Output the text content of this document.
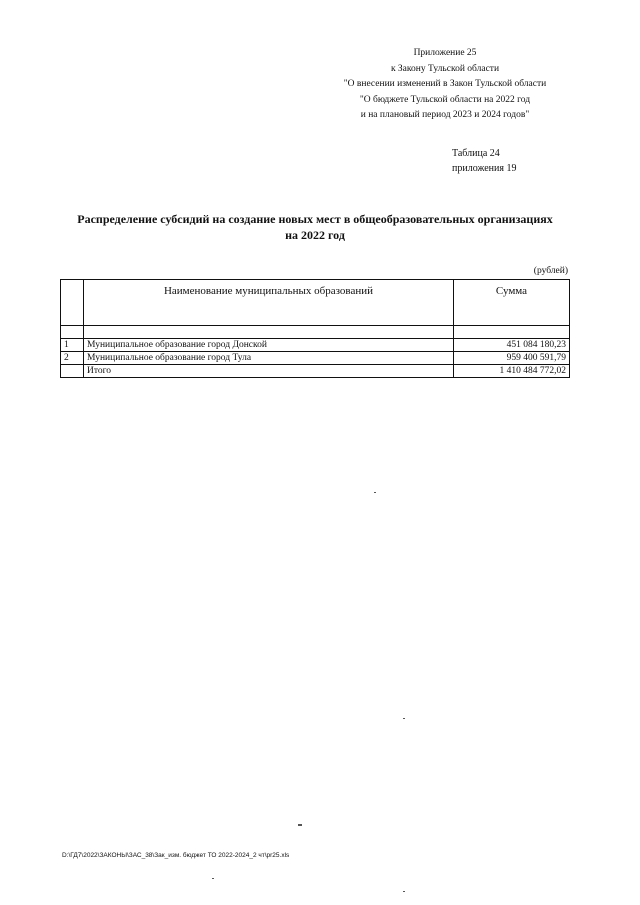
Приложение 25
к Закону Тульской области
"О внесении изменений в Закон Тульской области
"О бюджете Тульской области на 2022 год
и на плановый период 2023 и 2024 годов"
Таблица 24
приложения 19
Распределение субсидий на создание новых мест в общеобразовательных организациях
на 2022 год
(рублей)
	Наименование муниципальных образований	Сумма

1	Муниципальное образование город Донской	451 084 180,23
2	Муниципальное образование город Тула	959 400 591,79
	Итого	1 410 484 772,02
D:\ГД7\2022\ЗАКОНЫ\ЗАС_38\Зак_изм. бюджет ТО 2022-2024_2 чт\pr25.xls
